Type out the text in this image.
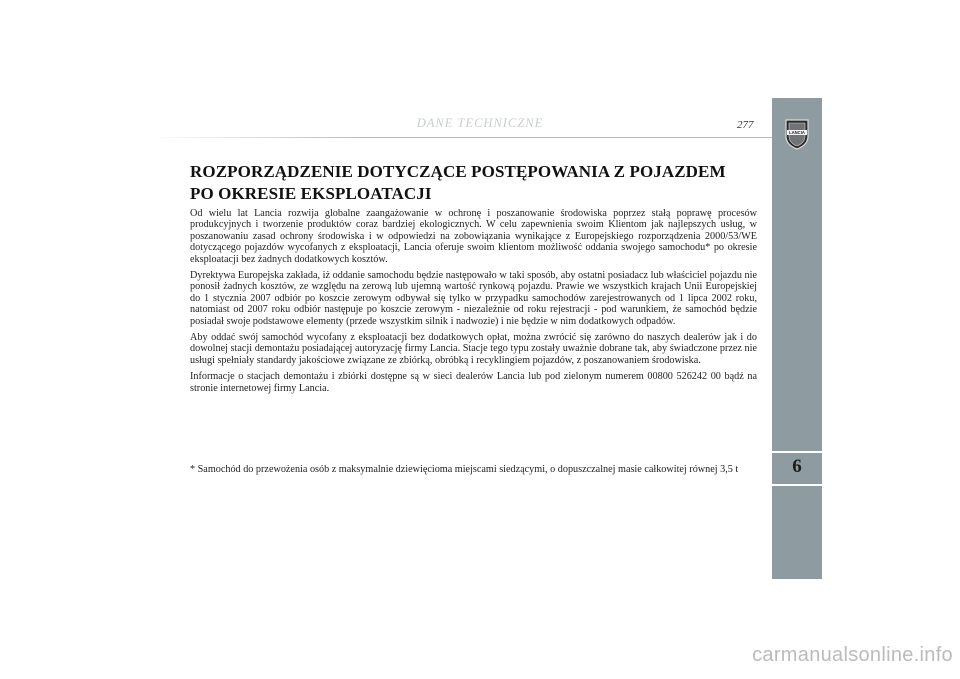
DANE TECHNICZNE	277
LANCIA
6
ROZPORZĄDZENIE DOTYCZĄCE POSTĘPOWANIA Z POJAZDEM
PO OKRESIE EKSPLOATACJI

Od wielu lat Lancia rozwija globalne zaangażowanie w ochronę i poszanowanie środowiska poprzez stałą poprawę procesów produkcyjnych i tworzenie produktów coraz bardziej ekologicznych. W celu zapewnienia swoim Klientom jak najlepszych usług, w poszanowaniu zasad ochrony środowiska i w odpowiedzi na zobowiązania wynikające z Europejskiego rozporządzenia 2000/53/WE dotyczącego pojazdów wycofanych z eksploatacji, Lancia oferuje swoim klientom możliwość oddania swojego samochodu* po okresie eksploatacji bez żadnych dodatkowych kosztów.

Dyrektywa Europejska zakłada, iż oddanie samochodu będzie następowało w taki sposób, aby ostatni posiadacz lub właściciel pojazdu nie ponosił żadnych kosztów, ze względu na zerową lub ujemną wartość rynkową pojazdu. Prawie we wszystkich krajach Unii Europejskiej do 1 stycznia 2007 odbiór po koszcie zerowym odbywał się tylko w przypadku samochodów zarejestrowanych od 1 lipca 2002 roku, natomiast od 2007 roku odbiór następuje po koszcie zerowym - niezależnie od roku rejestracji - pod warunkiem, że samochód będzie posiadał swoje podstawowe elementy (przede wszystkim silnik i nadwozie) i nie będzie w nim dodatkowych odpadów.

Aby oddać swój samochód wycofany z eksploatacji bez dodatkowych opłat, można zwrócić się zarówno do naszych dealerów jak i do dowolnej stacji demontażu posiadającej autoryzację firmy Lancia. Stacje tego typu zostały uważnie dobrane tak, aby świadczone przez nie usługi spełniały standardy jakościowe związane ze zbiórką, obróbką i recyklingiem pojazdów, z poszanowaniem środowiska.

Informacje o stacjach demontażu i zbiórki dostępne są w sieci dealerów Lancia lub pod zielonym numerem 00800 526242 00 bądź na stronie internetowej firmy Lancia.

* Samochód do przewożenia osób z maksymalnie dziewięcioma miejscami siedzącymi, o dopuszczalnej masie całkowitej równej 3,5 t

carmanualsonline.info
